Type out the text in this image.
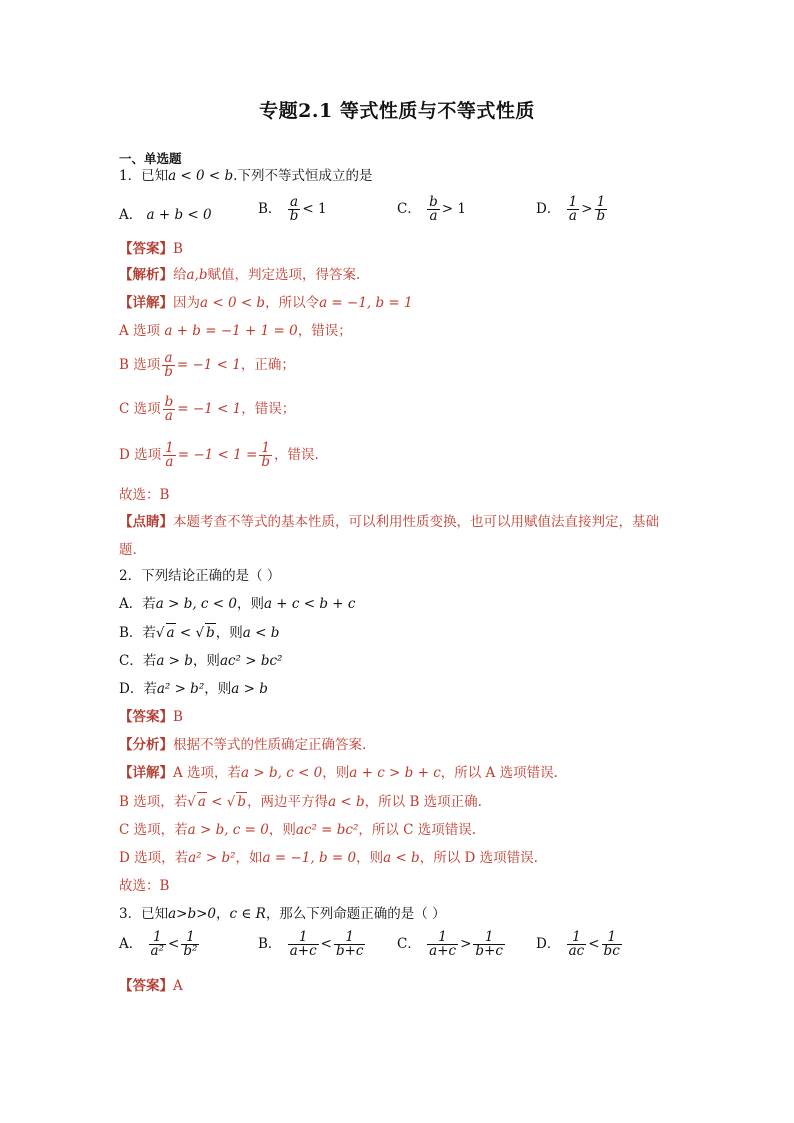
专题2.1 等式性质与不等式性质
一、单选题
1．已知a < 0 < b.下列不等式恒成立的是
A． a + b < 0	B． $\frac{a}{b} < 1$	C． $\frac{b}{a} > 1$	D． $\frac{1}{a} > \frac{1}{b}$
【答案】B
【解析】给a,b赋值，判定选项，得答案.
【详解】因为a < 0 < b，所以令a = −1, b = 1
A 选项 a + b = −1 + 1 = 0，错误；
B 选项 $\frac{a}{b} = -1 < 1$，正确；
C 选项 $\frac{b}{a} = -1 < 1$，错误；
D 选项 $\frac{1}{a} = -1 < 1 = \frac{1}{b}$ ，错误.
故选：B
【点睛】本题考查不等式的基本性质，可以利用性质变换，也可以用赋值法直接判定，基础
题.
2．下列结论正确的是（ ）
A．若a > b, c < 0，则a + c < b + c
B．若√ a < √ b，则a < b
C．若a > b，则ac² > bc²
D．若a² > b²，则a > b
【答案】B
【分析】根据不等式的性质确定正确答案.
【详解】A 选项，若a > b, c < 0，则a + c > b + c，所以 A 选项错误.
B 选项，若√ a < √ b，两边平方得a < b，所以 B 选项正确.
C 选项，若a > b, c = 0，则ac² = bc²，所以 C 选项错误.
D 选项，若a² > b²，如a = −1, b = 0，则a < b，所以 D 选项错误.
故选：B
3．已知a>b>0，c ∈ R，那么下列命题正确的是（ ）
A． $\frac{1}{\text{a²}} < \frac{1}{\text{b²}}$	B． $\frac{1}{a+c} < \frac{1}{b+c}$ C． $\frac{1}{a+c} > \frac{1}{b+c}$ D． $\frac{1}{ac} < \frac{1}{bc}$
【答案】A
